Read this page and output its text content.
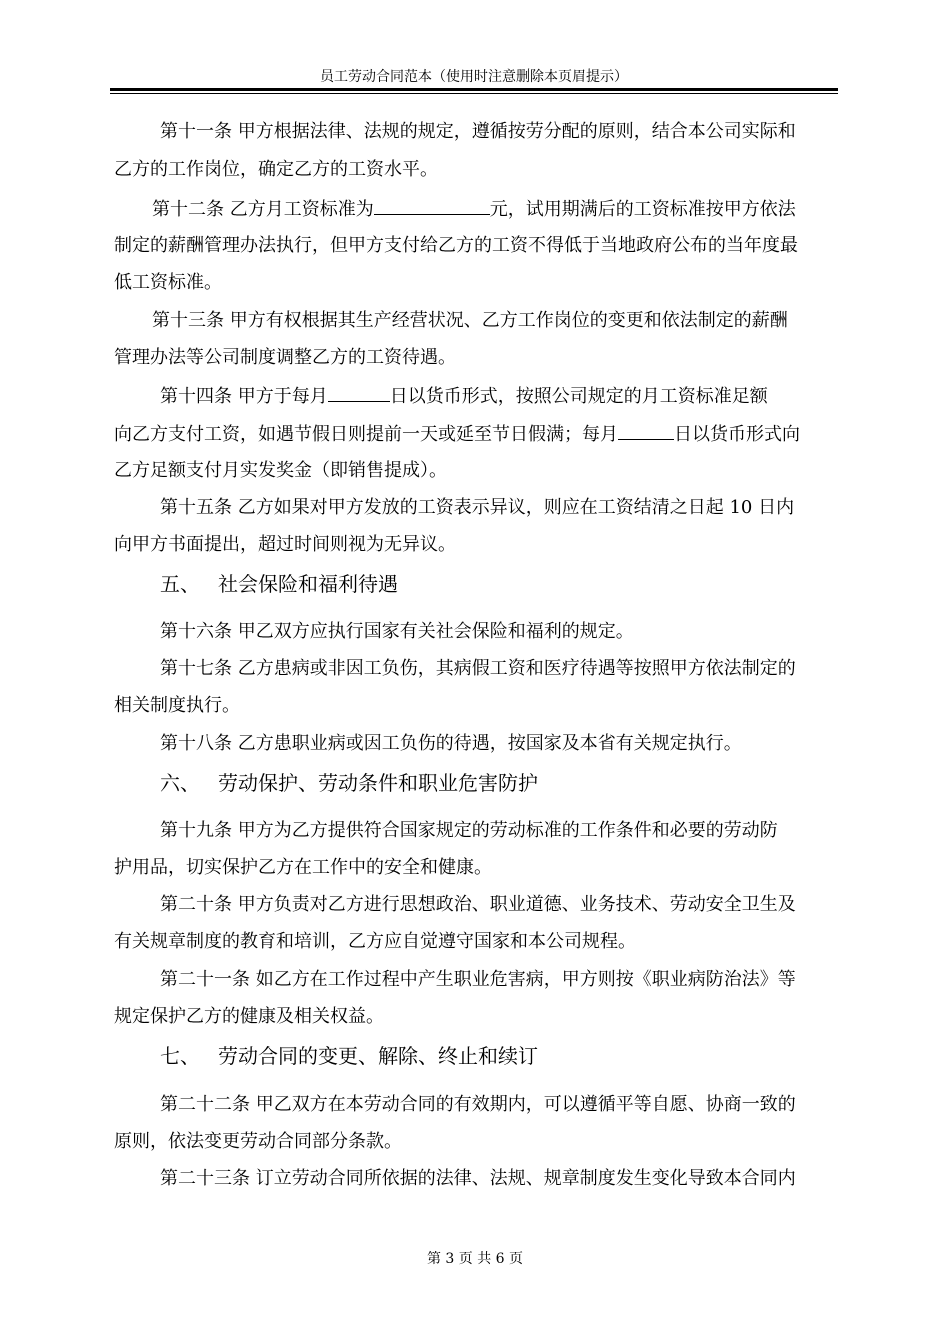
员工劳动合同范本（使用时注意删除本页眉提示）
第十一条 甲方根据法律、法规的规定，遵循按劳分配的原则，结合本公司实际和
乙方的工作岗位，确定乙方的工资水平。
第十二条 乙方月工资标准为	元，试用期满后的工资标准按甲方依法
制定的薪酬管理办法执行，但甲方支付给乙方的工资不得低于当地政府公布的当年度最
低工资标准。
第十三条 甲方有权根据其生产经营状况、乙方工作岗位的变更和依法制定的薪酬
管理办法等公司制度调整乙方的工资待遇。
第十四条 甲方于每月	日以货币形式，按照公司规定的月工资标准足额
向乙方支付工资，如遇节假日则提前一天或延至节日假满；每月	日以货币形式向
乙方足额支付月实发奖金（即销售提成）。
第十五条 乙方如果对甲方发放的工资表示异议，则应在工资结清之日起 10 日内
向甲方书面提出，超过时间则视为无异议。
五、 社会保险和福利待遇
第十六条 甲乙双方应执行国家有关社会保险和福利的规定。
第十七条 乙方患病或非因工负伤，其病假工资和医疗待遇等按照甲方依法制定的
相关制度执行。
第十八条 乙方患职业病或因工负伤的待遇，按国家及本省有关规定执行。
六、 劳动保护、劳动条件和职业危害防护
第十九条 甲方为乙方提供符合国家规定的劳动标准的工作条件和必要的劳动防
护用品，切实保护乙方在工作中的安全和健康。
第二十条 甲方负责对乙方进行思想政治、职业道德、业务技术、劳动安全卫生及
有关规章制度的教育和培训，乙方应自觉遵守国家和本公司规程。
第二十一条 如乙方在工作过程中产生职业危害病，甲方则按《职业病防治法》等
规定保护乙方的健康及相关权益。
七、 劳动合同的变更、解除、终止和续订
第二十二条 甲乙双方在本劳动合同的有效期内，可以遵循平等自愿、协商一致的
原则，依法变更劳动合同部分条款。
第二十三条 订立劳动合同所依据的法律、法规、规章制度发生变化导致本合同内
第 3 页 共 6 页
